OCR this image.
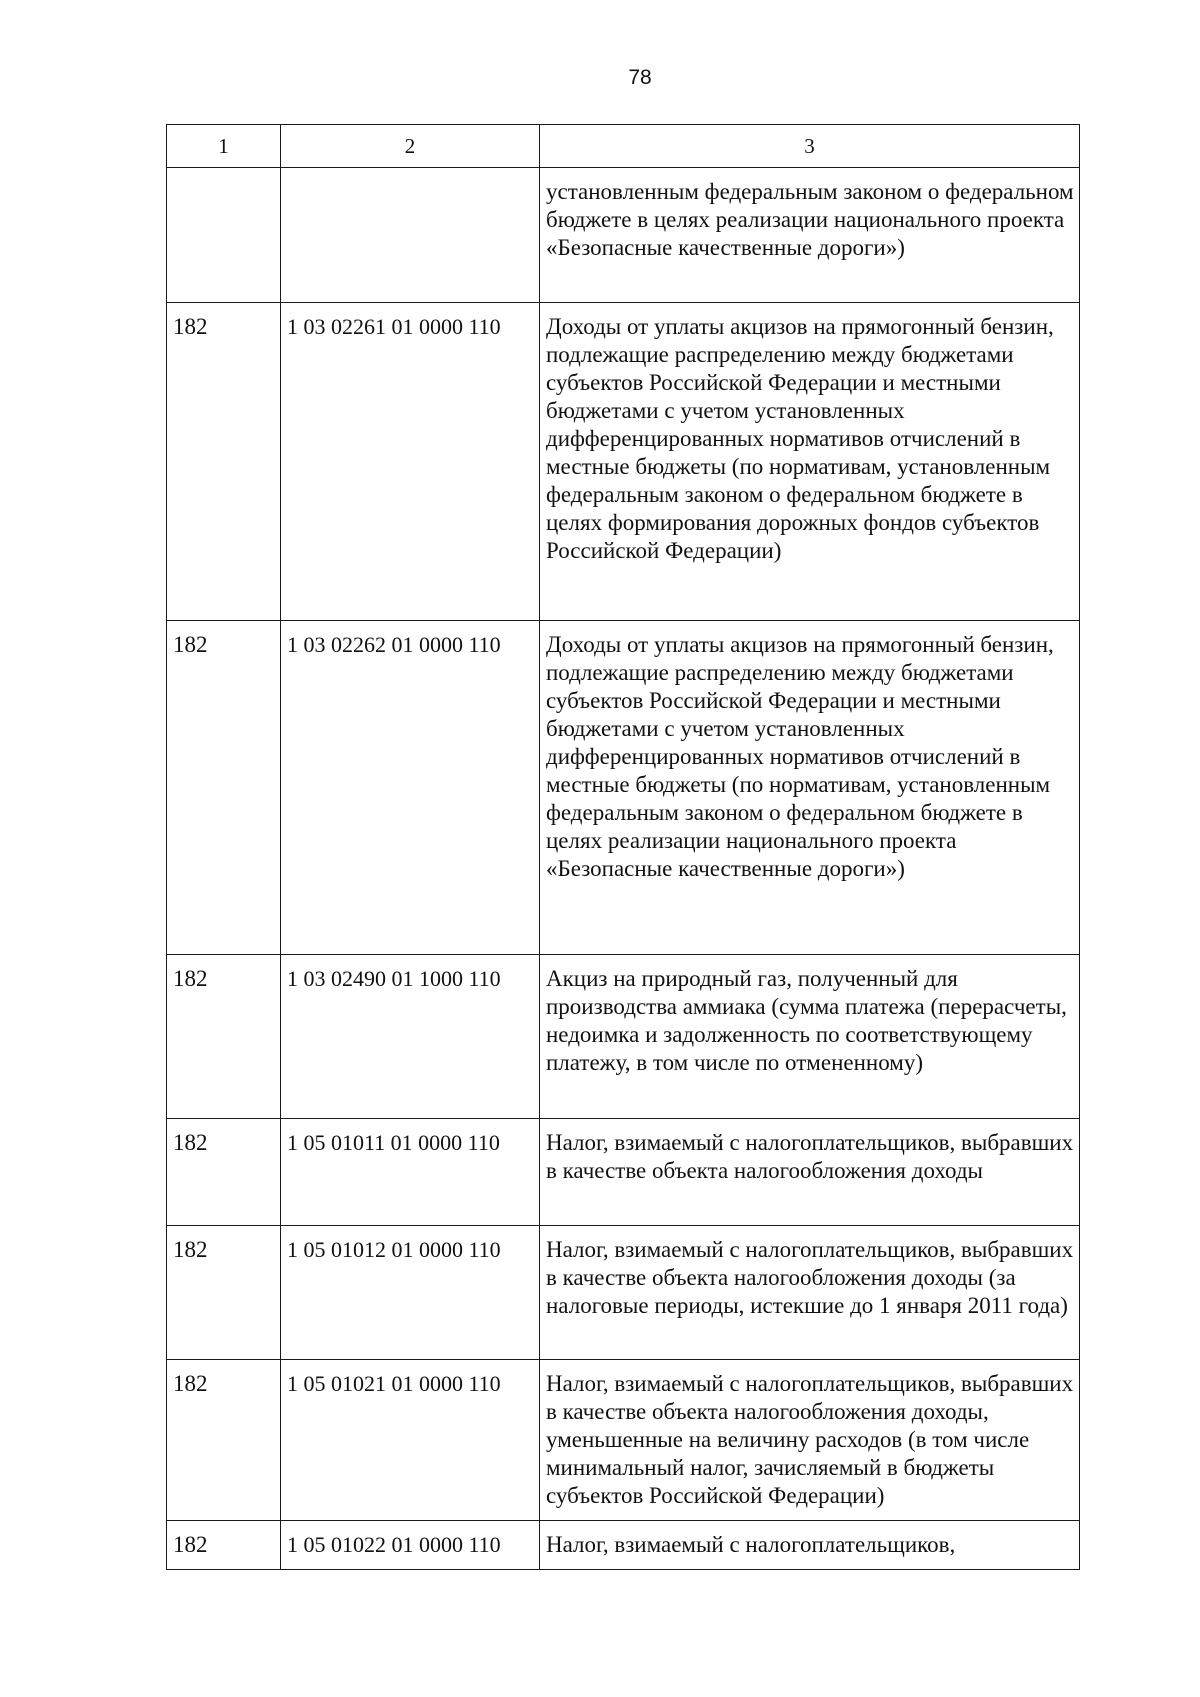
78
1	2	3
		установленным федеральным законом о федеральном бюджете в целях реализации национального проекта «Безопасные качественные дороги»)
182	1 03 02261 01 0000 110	Доходы от уплаты акцизов на прямогонный бензин, подлежащие распределению между бюджетами субъектов Российской Федерации и местными бюджетами с учетом установленных дифференцированных нормативов отчислений в местные бюджеты (по нормативам, установленным федеральным законом о федеральном бюджете в целях формирования дорожных фондов субъектов Российской Федерации)
182	1 03 02262 01 0000 110	Доходы от уплаты акцизов на прямогонный бензин, подлежащие распределению между бюджетами субъектов Российской Федерации и местными бюджетами с учетом установленных дифференцированных нормативов отчислений в местные бюджеты (по нормативам, установленным федеральным законом о федеральном бюджете в целях реализации национального проекта «Безопасные качественные дороги»)
182	1 03 02490 01 1000 110	Акциз на природный газ, полученный для производства аммиака (сумма платежа (перерасчеты, недоимка и задолженность по соответствующему платежу, в том числе по отмененному)
182	1 05 01011 01 0000 110	Налог, взимаемый с налогоплательщиков, выбравших в качестве объекта налогообложения доходы
182	1 05 01012 01 0000 110	Налог, взимаемый с налогоплательщиков, выбравших в качестве объекта налогообложения доходы (за налоговые периоды, истекшие до 1 января 2011 года)
182	1 05 01021 01 0000 110	Налог, взимаемый с налогоплательщиков, выбравших в качестве объекта налогообложения доходы, уменьшенные на величину расходов (в том числе минимальный налог, зачисляемый в бюджеты субъектов Российской Федерации)
182	1 05 01022 01 0000 110	Налог, взимаемый с налогоплательщиков,
